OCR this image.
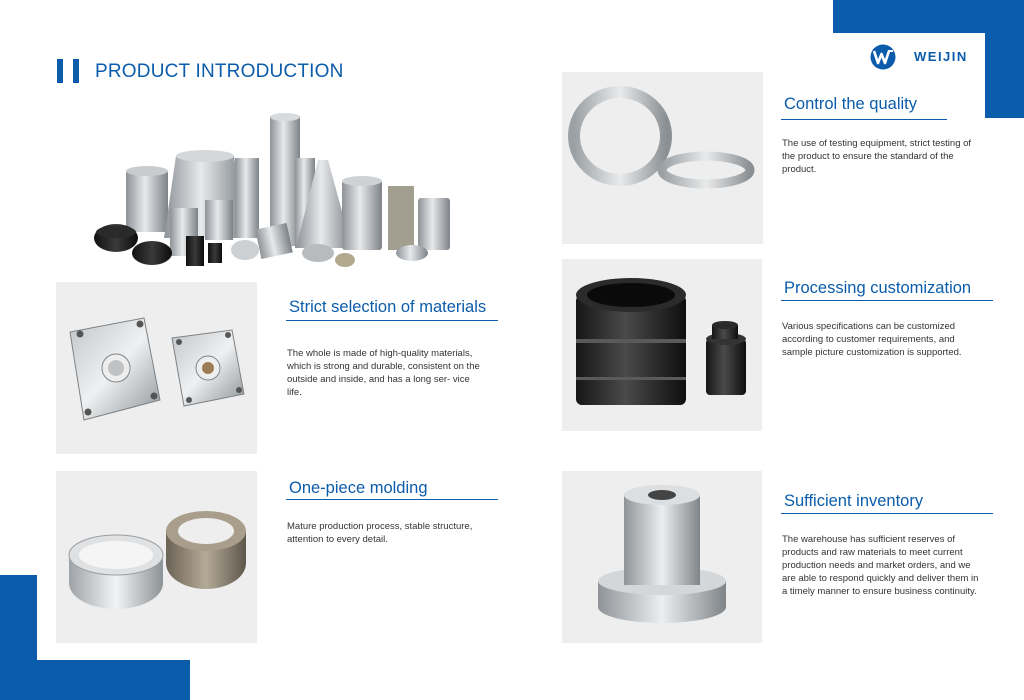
WEIJIN
PRODUCT INTRODUCTION
Strict selection of materials
The whole is made of high-quality materials, which is strong and durable, consistent on the outside and inside, and has a long ser- vice life.
One-piece molding
Mature production process, stable structure, attention to every detail.
Control the quality
The use of testing equipment, strict testing of the product to ensure the standard of the product.
Processing customization
Various specifications can be customized according to customer requirements, and sample picture customization is supported.
Sufficient inventory
The warehouse has sufficient reserves of products and raw materials to meet current production needs and market orders, and we are able to respond quickly and deliver them in a timely manner to ensure business continuity.
